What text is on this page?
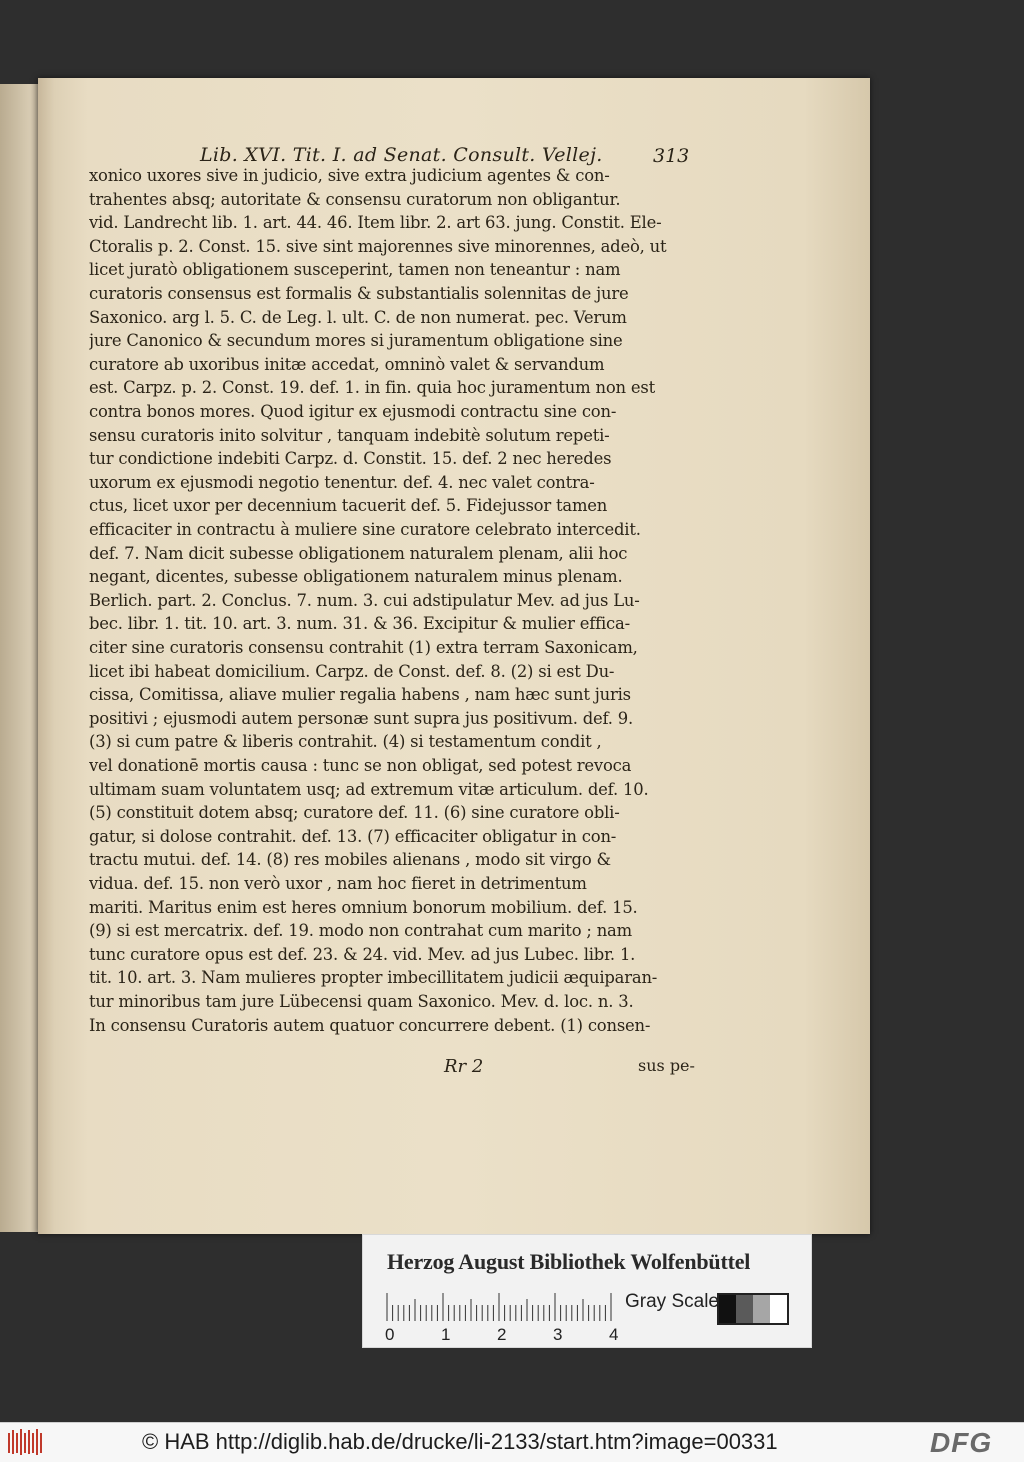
Lib. XVI. Tit. I. ad Senat. Consult. Vellej.	313
xonico uxores sive in judicio, sive extra judicium agentes & con-
trahentes absq; autoritate & consensu curatorum non obligantur.
vid. Landrecht lib. 1. art. 44. 46. Item libr. 2. art 63. jung. Constit. Ele-
Ctoralis p. 2. Const. 15. sive sint majorennes sive minorennes, adeò, ut
licet juratò obligationem susceperint, tamen non teneantur : nam
curatoris consensus est formalis & substantialis solennitas de jure
Saxonico. arg l. 5. C. de Leg. l. ult. C. de non numerat. pec. Verum
jure Canonico & secundum mores si juramentum obligatione sine
curatore ab uxoribus initæ accedat, omninò valet & servandum
est. Carpz. p. 2. Const. 19. def. 1. in fin. quia hoc juramentum non est
contra bonos mores. Quod igitur ex ejusmodi contractu sine con-
sensu curatoris inito solvitur , tanquam indebitè solutum repeti-
tur condictione indebiti Carpz. d. Constit. 15. def. 2 nec heredes
uxorum ex ejusmodi negotio tenentur. def. 4. nec valet contra-
ctus, licet uxor per decennium tacuerit def. 5. Fidejussor tamen
efficaciter in contractu à muliere sine curatore celebrato intercedit.
def. 7. Nam dicit subesse obligationem naturalem plenam, alii hoc
negant, dicentes, subesse obligationem naturalem minus plenam.
Berlich. part. 2. Conclus. 7. num. 3. cui adstipulatur Mev. ad jus Lu-
bec. libr. 1. tit. 10. art. 3. num. 31. & 36. Excipitur & mulier effica-
citer sine curatoris consensu contrahit (1) extra terram Saxonicam,
licet ibi habeat domicilium. Carpz. de Const. def. 8. (2) si est Du-
cissa, Comitissa, aliave mulier regalia habens , nam hæc sunt juris
positivi ; ejusmodi autem personæ sunt supra jus positivum. def. 9.
(3) si cum patre & liberis contrahit. (4) si testamentum condit ,
vel donationē mortis causa : tunc se non obligat, sed potest revoca
ultimam suam voluntatem usq; ad extremum vitæ articulum. def. 10.
(5) constituit dotem absq; curatore def. 11. (6) sine curatore obli-
gatur, si dolose contrahit. def. 13. (7) efficaciter obligatur in con-
tractu mutui. def. 14. (8) res mobiles alienans , modo sit virgo &
vidua. def. 15. non verò uxor , nam hoc fieret in detrimentum
mariti. Maritus enim est heres omnium bonorum mobilium. def. 15.
(9) si est mercatrix. def. 19. modo non contrahat cum marito ; nam
tunc curatore opus est def. 23. & 24. vid. Mev. ad jus Lubec. libr. 1.
tit. 10. art. 3. Nam mulieres propter imbecillitatem judicii æquiparan-
tur minoribus tam jure Lübecensi quam Saxonico. Mev. d. loc. n. 3.
In consensu Curatoris autem quatuor concurrere debent. (1) consen-
Rr 2	sus pe-
Herzog August Bibliothek Wolfenbüttel
Gray Scale
0	1	2	3	4
© HAB http://diglib.hab.de/drucke/li-2133/start.htm?image=00331	DFG
